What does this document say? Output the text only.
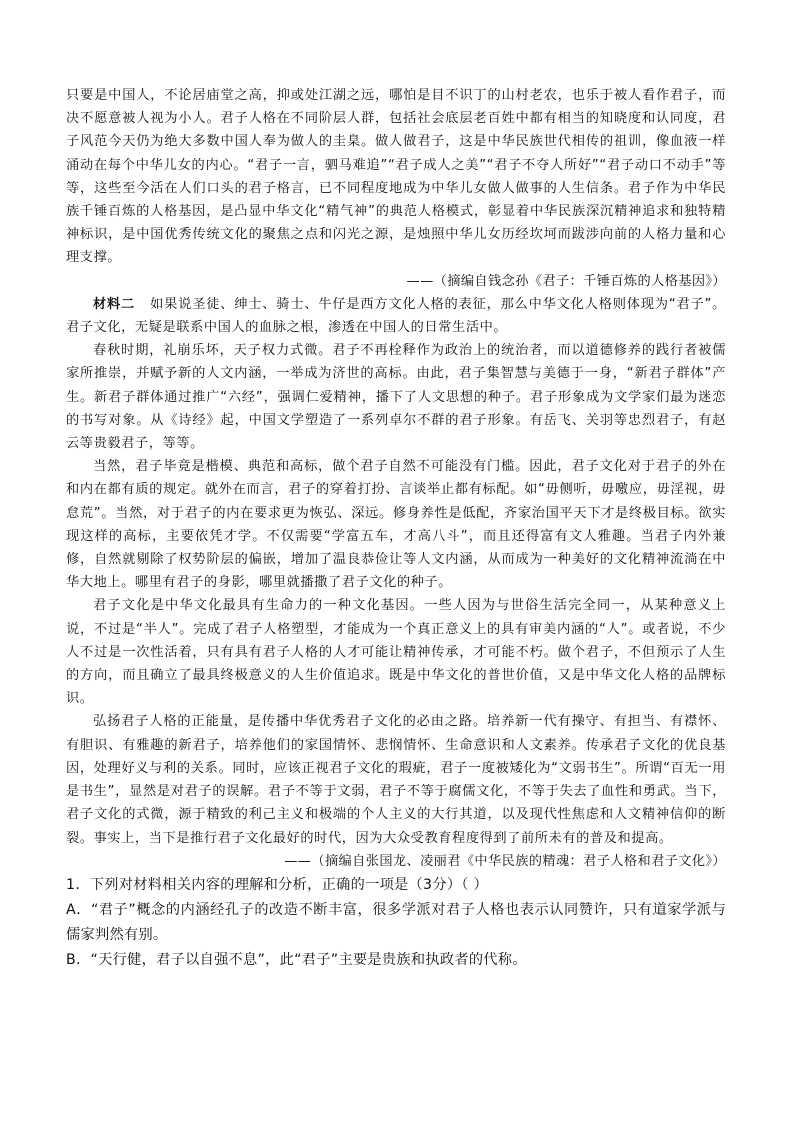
只要是中国人，不论居庙堂之高，抑或处江湖之远，哪怕是目不识丁的山村老农，也乐于被人看作君子，而决不愿意被人视为小人。君子人格在不同阶层人群，包括社会底层老百姓中都有相当的知晓度和认同度，君子风范今天仍为绝大多数中国人奉为做人的圭臬。做人做君子，这是中华民族世代相传的祖训，像血液一样涌动在每个中华儿女的内心。“君子一言，驷马难追”“君子成人之美”“君子不夺人所好”“君子动口不动手”等等，这些至今活在人们口头的君子格言，已不同程度地成为中华儿女做人做事的人生信条。君子作为中华民族千锤百炼的人格基因，是凸显中华文化“精气神”的典范人格模式，彰显着中华民族深沉精神追求和独特精神标识，是中国优秀传统文化的聚焦之点和闪光之源，是烛照中华儿女历经坎坷而跋涉向前的人格力量和心理支撑。

——（摘编自钱念孙《君子：千锤百炼的人格基因》）

材料二 如果说圣徒、绅士、骑士、牛仔是西方文化人格的表征，那么中华文化人格则体现为“君子”。君子文化，无疑是联系中国人的血脉之根，渗透在中国人的日常生活中。

春秋时期，礼崩乐坏，天子权力式微。君子不再栓释作为政治上的统治者，而以道德修养的践行者被儒家所推崇，并赋予新的人文内涵，一举成为济世的高标。由此，君子集智慧与美德于一身，“新君子群体”产生。新君子群体通过推广“六经”，强调仁爱精神，播下了人文思想的种子。君子形象成为文学家们最为迷恋的书写对象。从《诗经》起，中国文学塑造了一系列卓尔不群的君子形象。有岳飞、关羽等忠烈君子，有赵云等贵毅君子，等等。

当然，君子毕竟是楷模、典范和高标，做个君子自然不可能没有门槛。因此，君子文化对于君子的外在和内在都有质的规定。就外在而言，君子的穿着打扮、言谈举止都有标配。如“毋侧听，毋噭应，毋淫视，毋怠荒”。当然，对于君子的内在要求更为恢弘、深远。修身养性是低配，齐家治国平天下才是终极目标。欲实现这样的高标，主要依凭才学。不仅需要“学富五车，才高八斗”，而且还得富有文人雅趣。当君子内外兼修，自然就剔除了权势阶层的偏嵌，增加了温良恭俭让等人文内涵，从而成为一种美好的文化精神流淌在中华大地上。哪里有君子的身影，哪里就播撒了君子文化的种子。

君子文化是中华文化最具有生命力的一种文化基因。一些人因为与世俗生活完全同一，从某种意义上说，不过是“半人”。完成了君子人格塑型，才能成为一个真正意义上的具有审美内涵的“人”。或者说，不少人不过是一次性活着，只有具有君子人格的人才可能让精神传承，才可能不朽。做个君子，不但预示了人生的方向，而且确立了最具终极意义的人生价值追求。既是中华文化的普世价值，又是中华文化人格的品牌标识。

弘扬君子人格的正能量，是传播中华优秀君子文化的必由之路。培养新一代有操守、有担当、有襟怀、有胆识、有雅趣的新君子，培养他们的家国情怀、悲悯情怀、生命意识和人文素养。传承君子文化的优良基因，处理好义与利的关系。同时，应该正视君子文化的瑕疵，君子一度被矮化为“文弱书生”。所谓“百无一用是书生”，显然是对君子的误解。君子不等于文弱，君子不等于腐儒文化，不等于失去了血性和勇武。当下，君子文化的式微，源于精致的利己主义和极端的个人主义的大行其道，以及现代性焦虑和人文精神信仰的断裂。事实上，当下是推行君子文化最好的时代，因为大众受教育程度得到了前所未有的普及和提高。

——（摘编自张国龙、凌丽君《中华民族的精魂：君子人格和君子文化》）

1．下列对材料相关内容的理解和分析，正确的一项是（3分）（ ）

A．“君子”概念的内涵经孔子的改造不断丰富，很多学派对君子人格也表示认同赞许，只有道家学派与儒家判然有别。

B．“天行健，君子以自强不息”，此“君子”主要是贵族和执政者的代称。
